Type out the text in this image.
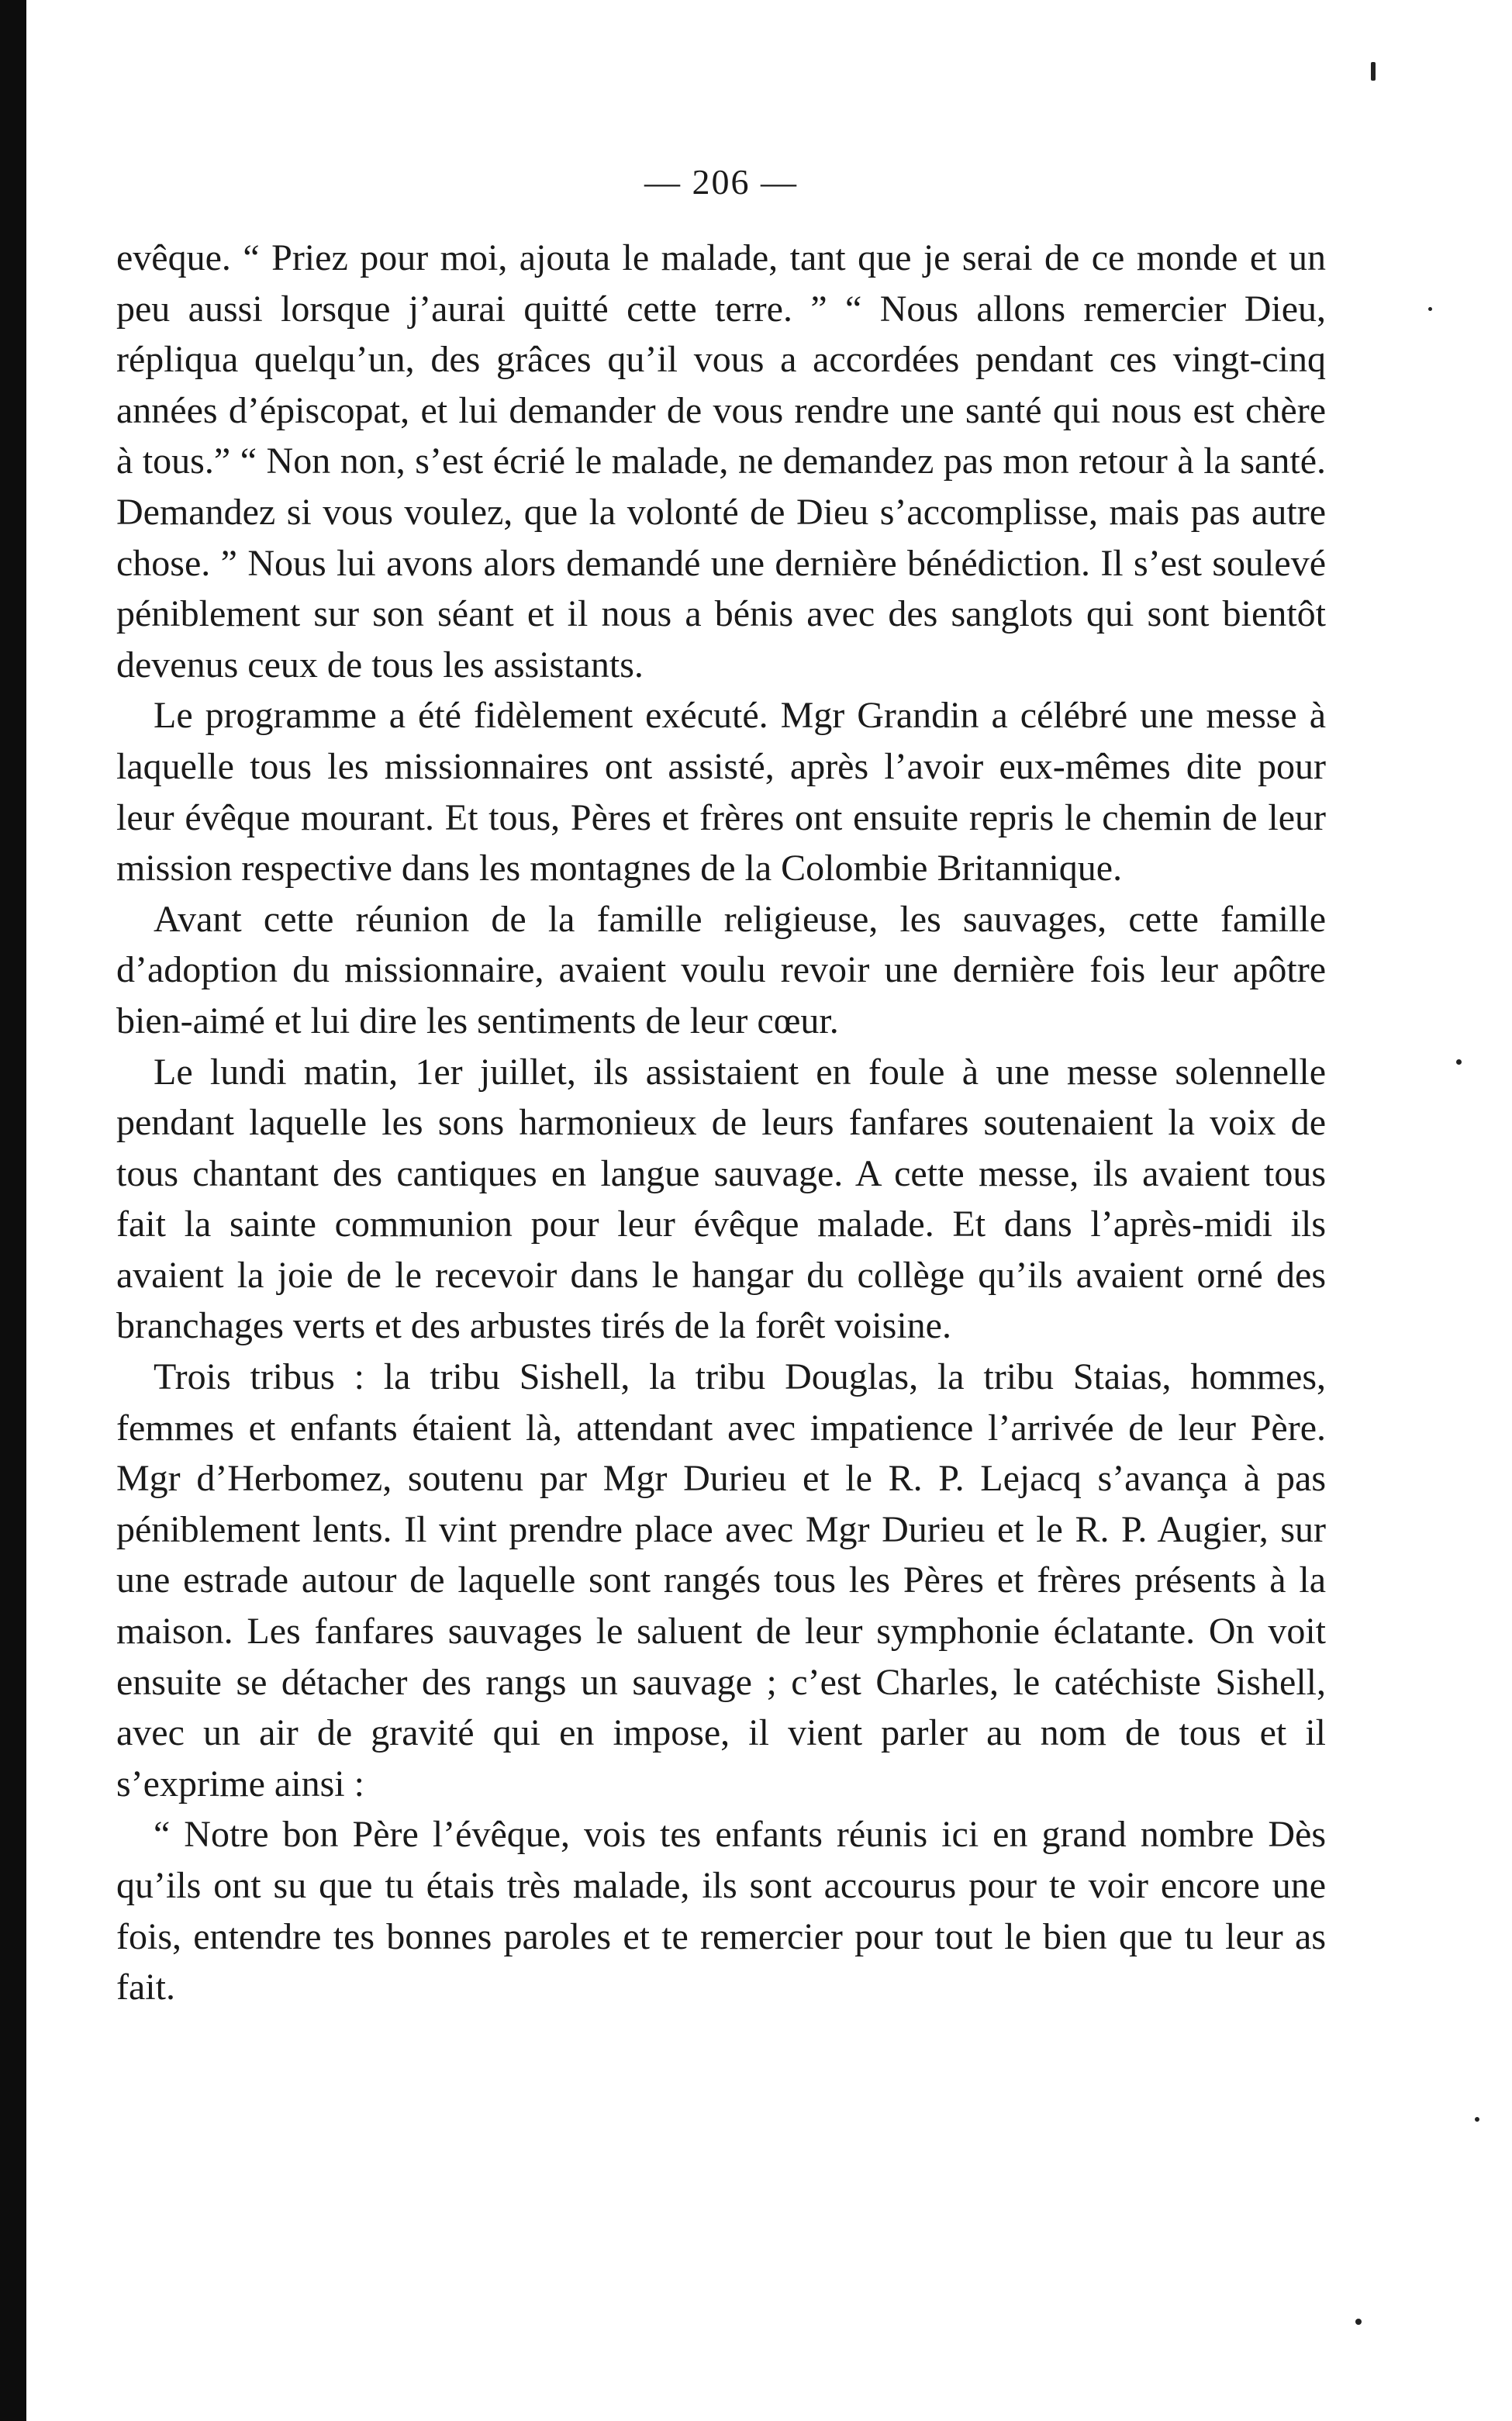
— 206 —

evêque. “ Priez pour moi, ajouta le malade, tant que je serai de ce monde et un peu aussi lorsque j’aurai quitté cette terre. ” “ Nous allons remercier Dieu, répliqua quelqu’un, des grâces qu’il vous a accordées pendant ces vingt-cinq années d’épiscopat, et lui demander de vous rendre une santé qui nous est chère à tous.” “ Non non, s’est écrié le malade, ne demandez pas mon retour à la santé. Demandez si vous voulez, que la volonté de Dieu s’accomplisse, mais pas autre chose. ” Nous lui avons alors demandé une dernière bénédiction. Il s’est soulevé péniblement sur son séant et il nous a bénis avec des sanglots qui sont bientôt devenus ceux de tous les assistants.

Le programme a été fidèlement exécuté. Mgr Grandin a célébré une messe à laquelle tous les missionnaires ont assisté, après l’avoir eux-mêmes dite pour leur évêque mourant. Et tous, Pères et frères ont ensuite repris le chemin de leur mission respective dans les montagnes de la Colombie Britannique.

Avant cette réunion de la famille religieuse, les sauvages, cette famille d’adoption du missionnaire, avaient voulu revoir une dernière fois leur apôtre bien-aimé et lui dire les sentiments de leur cœur.

Le lundi matin, 1er juillet, ils assistaient en foule à une messe solennelle pendant laquelle les sons harmonieux de leurs fanfares soutenaient la voix de tous chantant des cantiques en langue sauvage. A cette messe, ils avaient tous fait la sainte communion pour leur évêque malade. Et dans l’après-midi ils avaient la joie de le recevoir dans le hangar du collège qu’ils avaient orné des branchages verts et des arbustes tirés de la forêt voisine.

Trois tribus : la tribu Sishell, la tribu Douglas, la tribu Staias, hommes, femmes et enfants étaient là, attendant avec impatience l’arrivée de leur Père. Mgr d’Herbomez, soutenu par Mgr Durieu et le R. P. Lejacq s’avança à pas péniblement lents. Il vint prendre place avec Mgr Durieu et le R. P. Augier, sur une estrade autour de laquelle sont rangés tous les Pères et frères présents à la maison. Les fanfares sauvages le saluent de leur symphonie éclatante. On voit ensuite se détacher des rangs un sauvage ; c’est Charles, le catéchiste Sishell, avec un air de gravité qui en impose, il vient parler au nom de tous et il s’exprime ainsi :

“ Notre bon Père l’évêque, vois tes enfants réunis ici en grand nombre Dès qu’ils ont su que tu étais très malade, ils sont accourus pour te voir encore une fois, entendre tes bonnes paroles et te remercier pour tout le bien que tu leur as fait.
